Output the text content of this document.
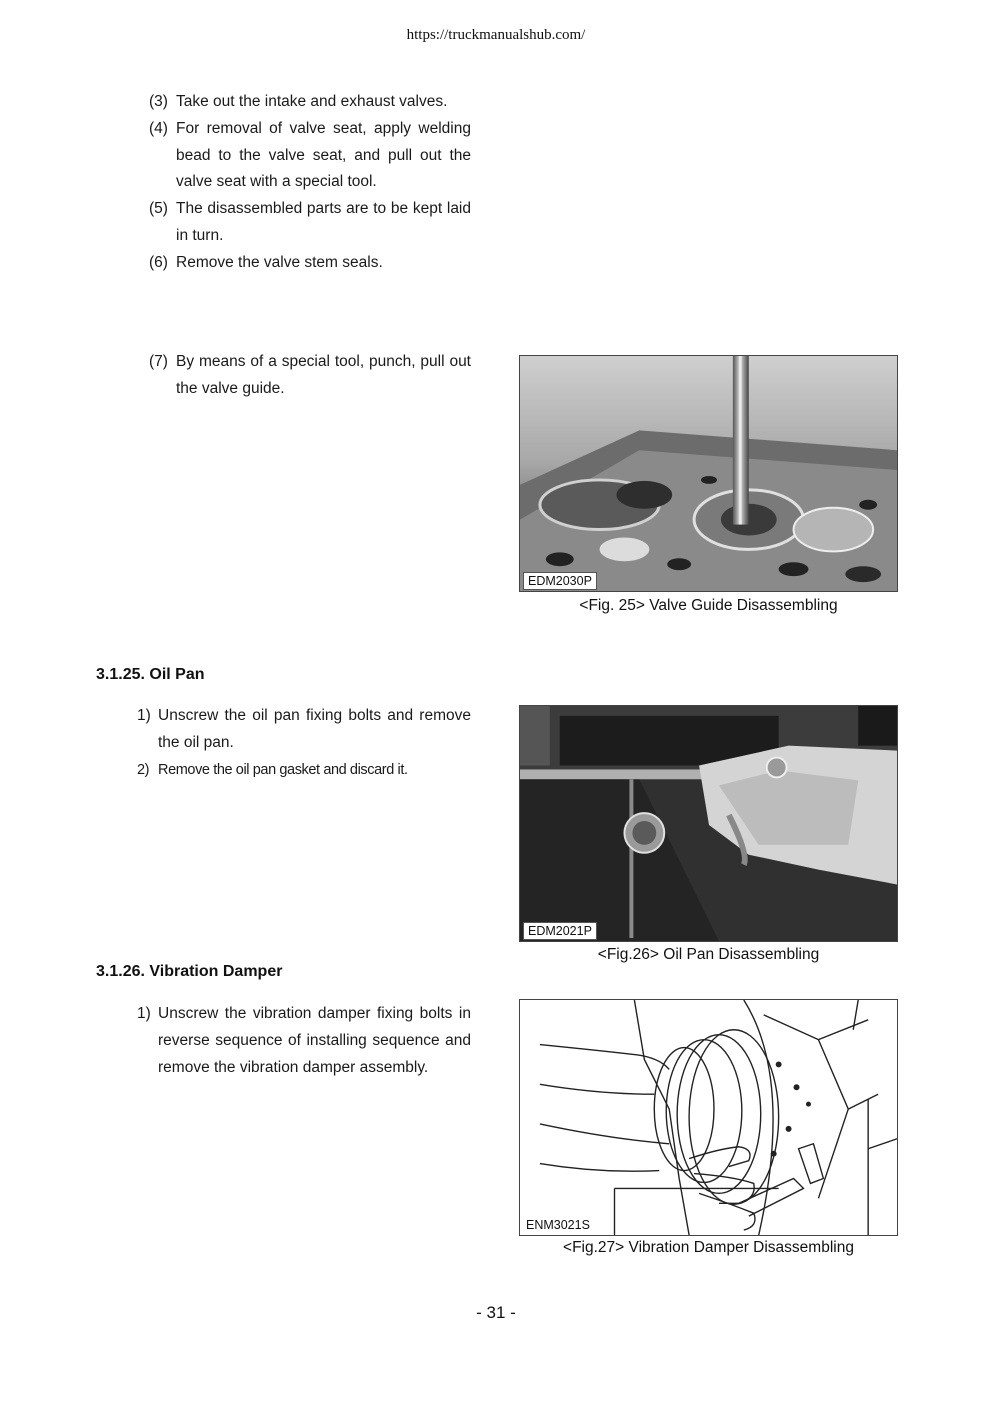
https://truckmanualshub.com/
(3) Take out the intake and exhaust valves.
(4) For removal of valve seat, apply welding bead to the valve seat, and pull out the valve seat with a special tool.
(5) The disassembled parts are to be kept laid in turn.
(6) Remove the valve stem seals.
(7) By means of a special tool, punch, pull out the valve guide.
EDM2030P
<Fig. 25> Valve Guide Disassembling
3.1.25. Oil Pan
1) Unscrew the oil pan fixing bolts and remove the oil pan.
2) Remove the oil pan gasket and discard it.
EDM2021P
<Fig.26> Oil Pan Disassembling
3.1.26. Vibration Damper
1) Unscrew the vibration damper fixing bolts in reverse sequence of installing sequence and remove the vibration damper assembly.
ENM3021S
<Fig.27> Vibration Damper Disassembling
- 31 -
